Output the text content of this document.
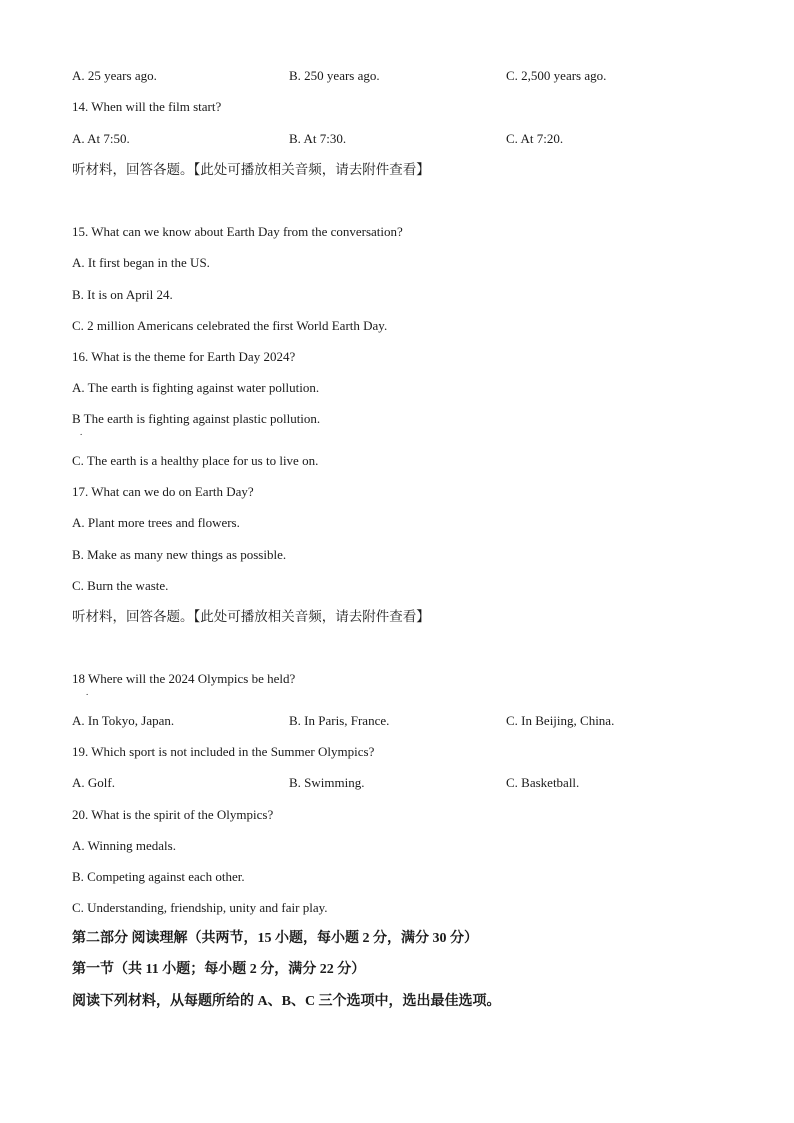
A. 25 years ago.	B. 250 years ago.	C. 2,500 years ago.
14. When will the film start?
A. At 7:50.	B. At 7:30.	C. At 7:20.
听材料，回答各题。【此处可播放相关音频，请去附件查看】
15. What can we know about Earth Day from the conversation?
A. It first began in the US.
B. It is on April 24.
C. 2 million Americans celebrated the first World Earth Day.
16. What is the theme for Earth Day 2024?
A. The earth is fighting against water pollution.
B The earth is fighting against plastic pollution.
.
C. The earth is a healthy place for us to live on.
17. What can we do on Earth Day?
A. Plant more trees and flowers.
B. Make as many new things as possible.
C. Burn the waste.
听材料，回答各题。【此处可播放相关音频，请去附件查看】
18 Where will the 2024 Olympics be held?
.
A. In Tokyo, Japan.	B. In Paris, France.	C. In Beijing, China.
19. Which sport is not included in the Summer Olympics?
A. Golf.	B. Swimming.	C. Basketball.
20. What is the spirit of the Olympics?
A. Winning medals.
B. Competing against each other.
C. Understanding, friendship, unity and fair play.
第二部分 阅读理解（共两节，15 小题，每小题 2 分，满分 30 分）
第一节（共 11 小题；每小题 2 分，满分 22 分）
阅读下列材料，从每题所给的 A、B、C 三个选项中，选出最佳选项。
